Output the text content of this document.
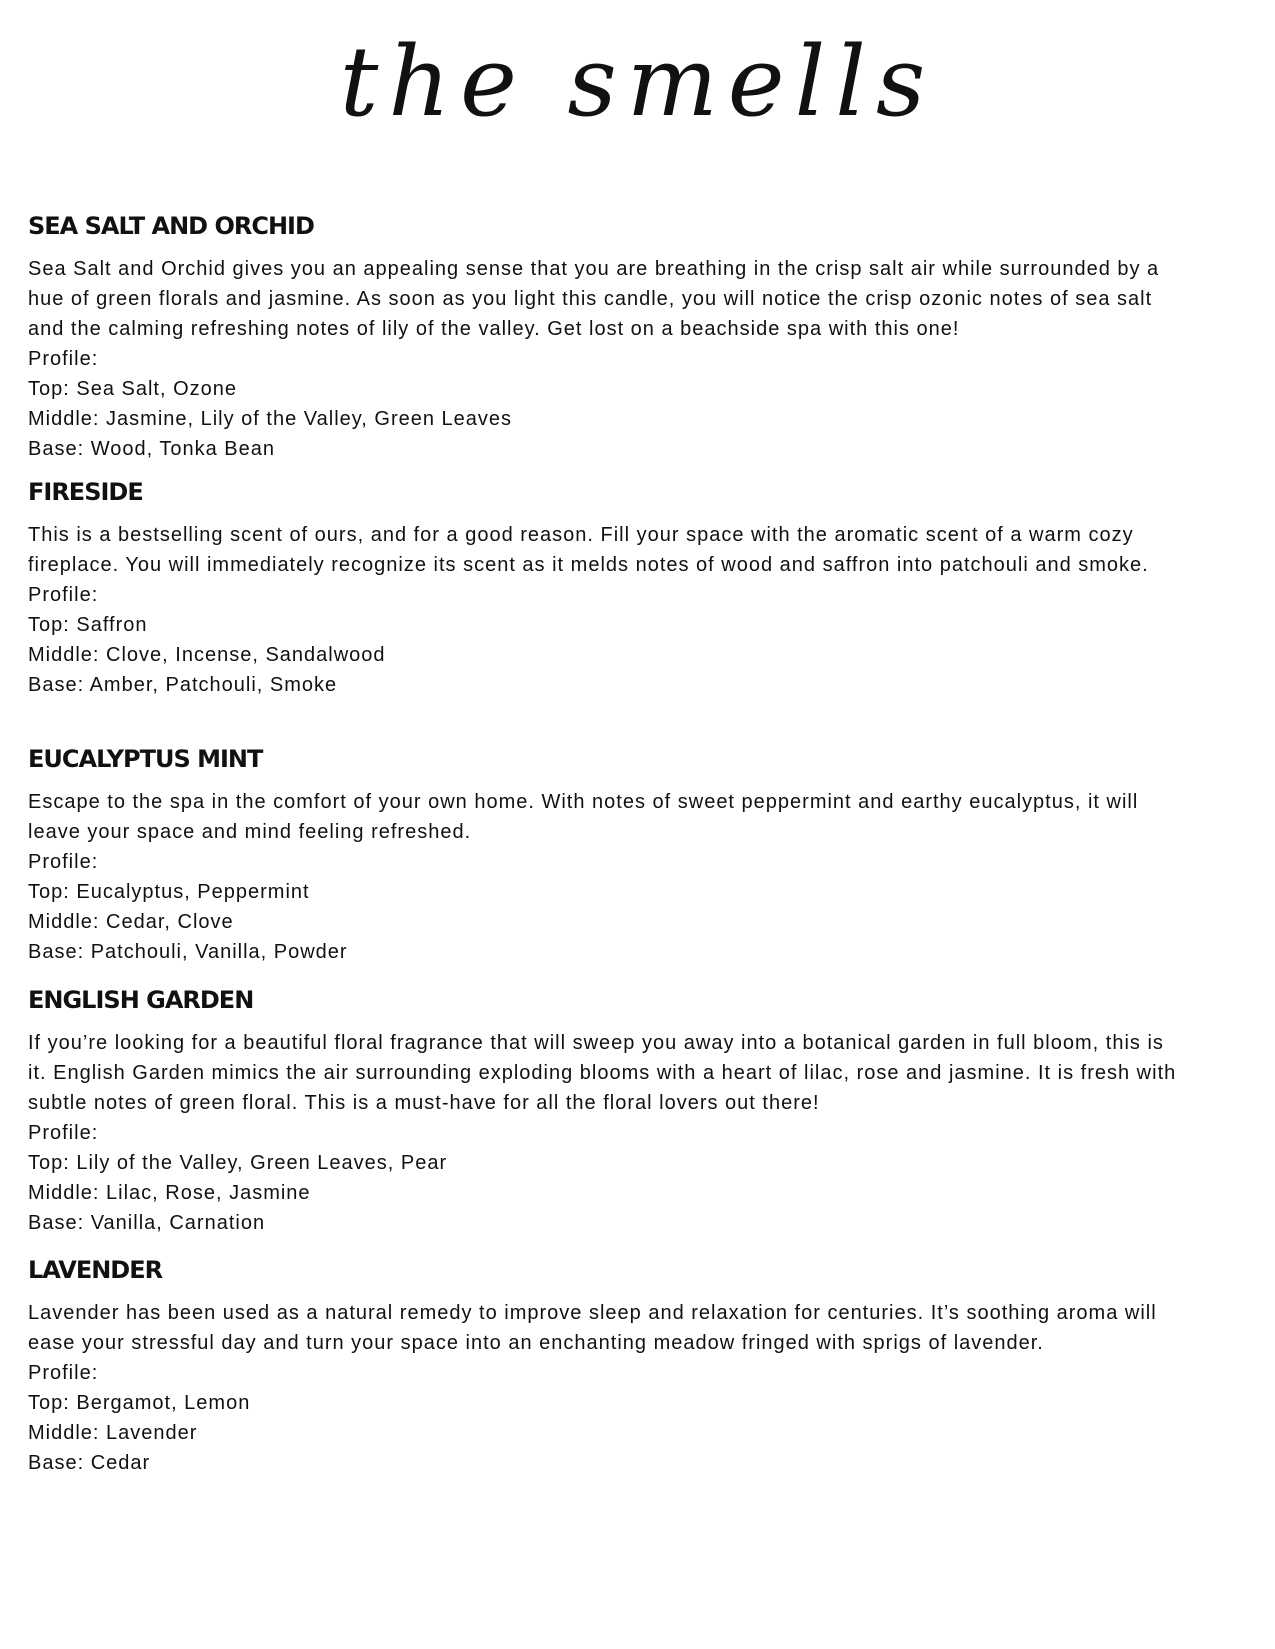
the smells
SEA SALT AND ORCHID

Sea Salt and Orchid gives you an appealing sense that you are breathing in the crisp salt air while surrounded by a hue of green florals and jasmine. As soon as you light this candle, you will notice the crisp ozonic notes of sea salt and the calming refreshing notes of lily of the valley. Get lost on a beachside spa with this one!

Profile:
Top: Sea Salt, Ozone
Middle: Jasmine, Lily of the Valley, Green Leaves
Base: Wood, Tonka Bean
FIRESIDE

This is a bestselling scent of ours, and for a good reason. Fill your space with the aromatic scent of a warm cozy fireplace. You will immediately recognize its scent as it melds notes of wood and saffron into patchouli and smoke.

Profile:
Top: Saffron
Middle: Clove, Incense, Sandalwood
Base: Amber, Patchouli, Smoke
EUCALYPTUS MINT

Escape to the spa in the comfort of your own home. With notes of sweet peppermint and earthy eucalyptus, it will leave your space and mind feeling refreshed.

Profile:
Top: Eucalyptus, Peppermint
Middle: Cedar, Clove
Base: Patchouli, Vanilla, Powder
ENGLISH GARDEN

If you’re looking for a beautiful floral fragrance that will sweep you away into a botanical garden in full bloom, this is it. English Garden mimics the air surrounding exploding blooms with a heart of lilac, rose and jasmine. It is fresh with subtle notes of green floral. This is a must-have for all the floral lovers out there!

Profile:
Top: Lily of the Valley, Green Leaves, Pear
Middle: Lilac, Rose, Jasmine
Base: Vanilla, Carnation
LAVENDER

Lavender has been used as a natural remedy to improve sleep and relaxation for centuries. It’s soothing aroma will ease your stressful day and turn your space into an enchanting meadow fringed with sprigs of lavender.

Profile:
Top: Bergamot, Lemon
Middle: Lavender
Base: Cedar
